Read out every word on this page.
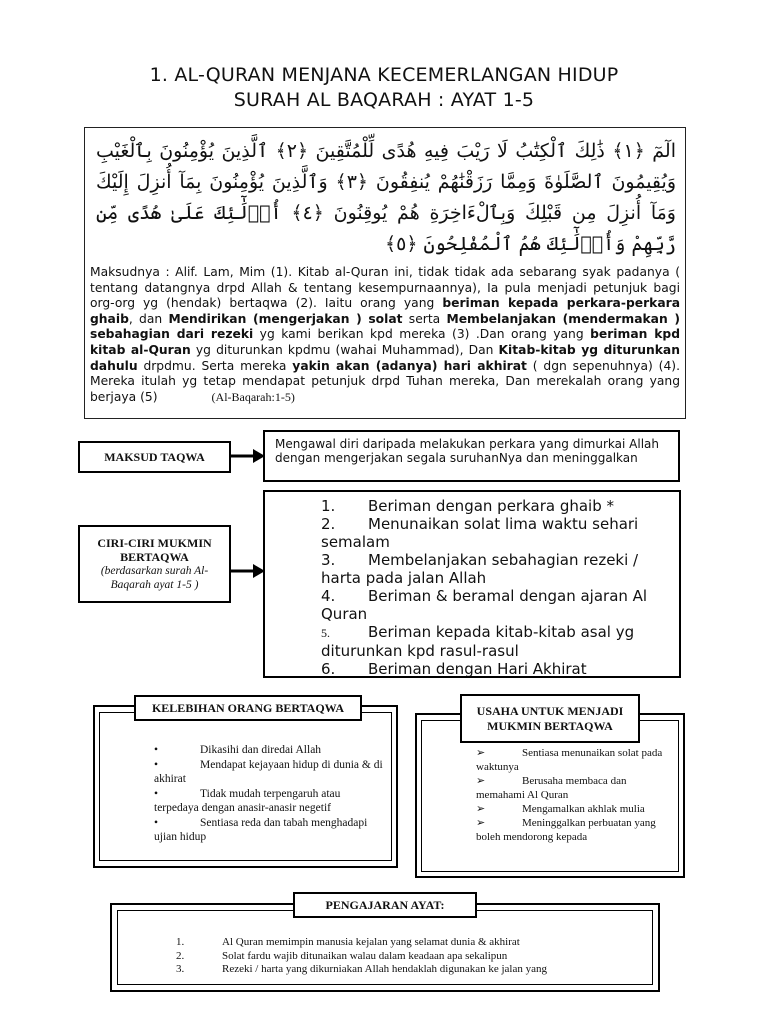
1. AL-QURAN MENJANA KECEMERLANGAN HIDUP
SURAH AL BAQARAH : AYAT 1-5
الٓمٓ ﴿١﴾ ذَٰلِكَ ٱلْكِتَٰبُ لَا رَيْبَ فِيهِ هُدًى لِّلْمُتَّقِينَ ﴿٢﴾ ٱلَّذِينَ يُؤْمِنُونَ بِٱلْغَيْبِ وَيُقِيمُونَ ٱلصَّلَوٰةَ وَمِمَّا رَزَقْنَٰهُمْ يُنفِقُونَ ﴿٣﴾ وَٱلَّذِينَ يُؤْمِنُونَ بِمَآ أُنزِلَ إِلَيْكَ وَمَآ أُنزِلَ مِن قَبْلِكَ وَبِٱلْءَاخِرَةِ هُمْ يُوقِنُونَ ﴿٤﴾ أُو۟لَٰٓئِكَ عَلَىٰ هُدًى مِّن رَّبِّهِمْ وَأُو۟لَٰٓئِكَ هُمُ ٱلْمُفْلِحُونَ ﴿٥﴾
Maksudnya : Alif. Lam, Mim (1). Kitab al-Quran ini, tidak tidak ada sebarang syak padanya ( tentang datangnya drpd Allah & tentang kesempurnaannya), Ia pula menjadi petunjuk bagi org-org yg (hendak) bertaqwa (2). Iaitu orang yang beriman kepada perkara-perkara ghaib, dan Mendirikan (mengerjakan ) solat serta Membelanjakan (mendermakan ) sebahagian dari rezeki yg kami berikan kpd mereka (3) .Dan orang yang beriman kpd kitab al-Quran yg diturunkan kpdmu (wahai Muhammad), Dan Kitab-kitab yg diturunkan dahulu drpdmu. Serta mereka yakin akan (adanya) hari akhirat ( dgn sepenuhnya) (4). Mereka itulah yg tetap mendapat petunjuk drpd Tuhan mereka, Dan merekalah orang yang berjaya (5)	(Al-Baqarah:1-5)
MAKSUD TAQWA
Mengawal diri daripada melakukan perkara yang dimurkai Allah
dengan mengerjakan segala suruhanNya dan meninggalkan
CIRI-CIRI MUKMIN BERTAQWA
(berdasarkan surah Al-Baqarah ayat 1-5 )
1. Beriman dengan perkara ghaib *
2. Menunaikan solat lima waktu sehari semalam
3. Membelanjakan sebahagian rezeki / harta pada jalan Allah
4. Beriman & beramal dengan ajaran Al Quran
5.	Beriman kepada kitab-kitab asal yg diturunkan kpd rasul-rasul
6. Beriman dengan Hari Akhirat
KELEBIHAN ORANG BERTAQWA
•	Dikasihi dan diredai Allah
•	Mendapat kejayaan hidup di dunia & di akhirat
•	Tidak mudah terpengaruh atau terpedaya dengan anasir-anasir negetif
•	Sentiasa reda dan tabah menghadapi ujian hidup
USAHA UNTUK MENJADI MUKMIN BERTAQWA
➢	Sentiasa menunaikan solat pada waktunya
➢	Berusaha membaca dan memahami Al Quran
➢	Mengamalkan akhlak mulia
➢	Meninggalkan perbuatan yang boleh mendorong kepada
PENGAJARAN AYAT:
1.	Al Quran memimpin manusia kejalan yang selamat dunia & akhirat
2.	Solat fardu wajib ditunaikan walau dalam keadaan apa sekalipun
3.	Rezeki / harta yang dikurniakan Allah hendaklah digunakan ke jalan yang
